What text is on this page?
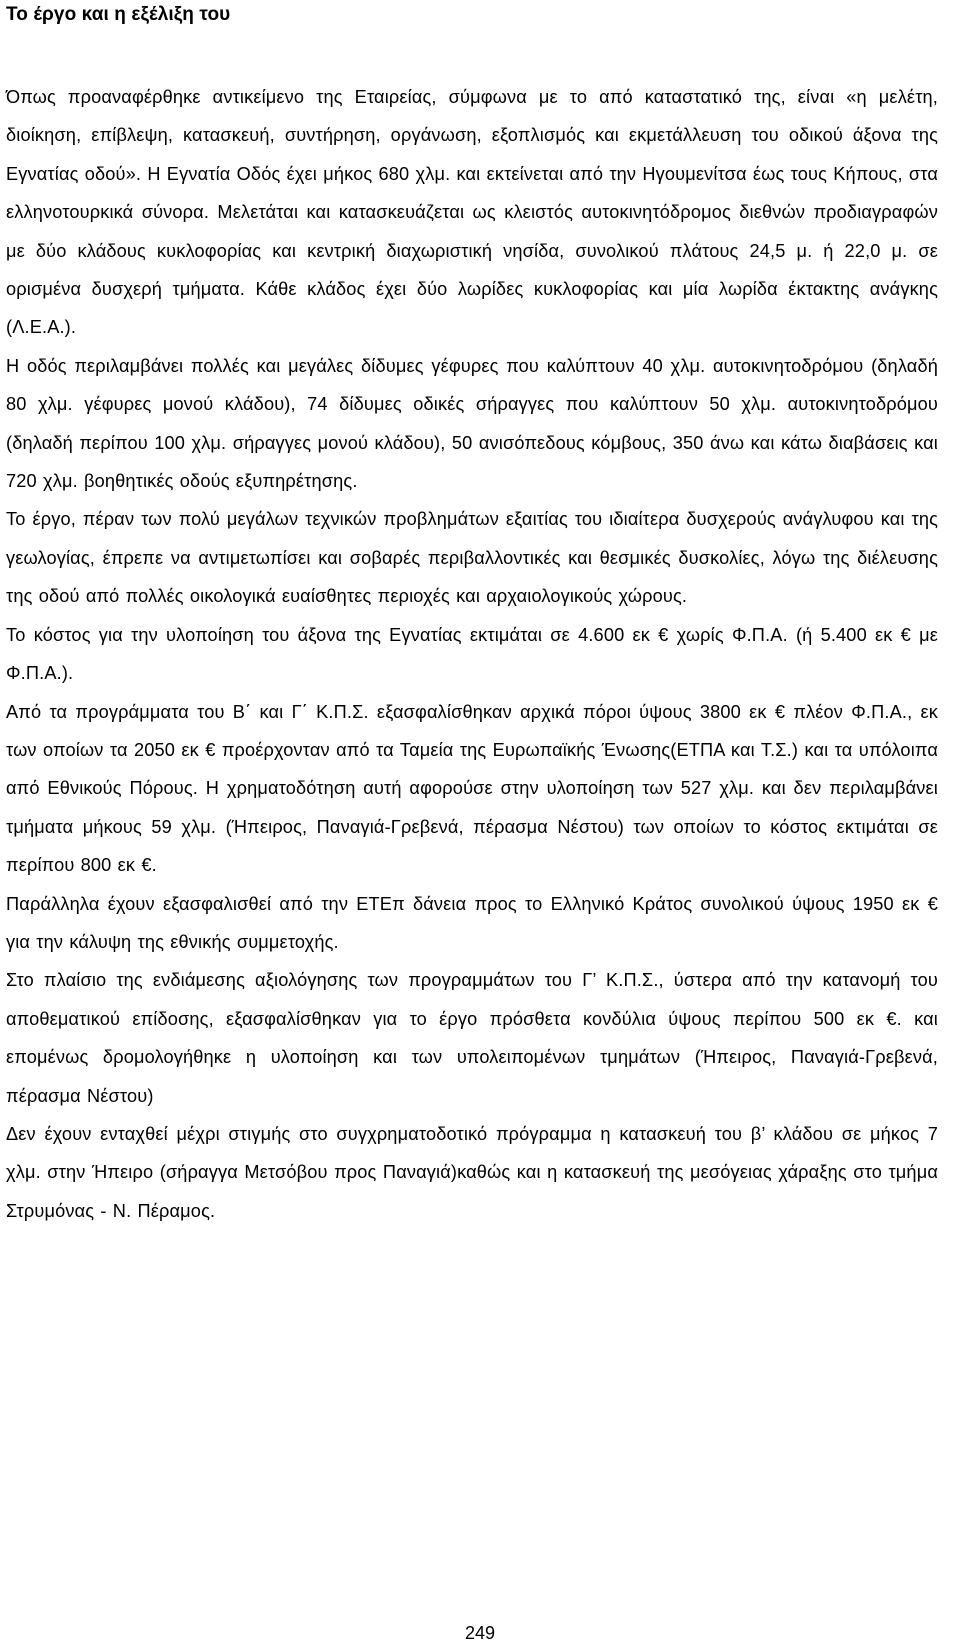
Το έργο και η εξέλιξη του

Όπως προαναφέρθηκε αντικείμενο της Εταιρείας, σύμφωνα με το από καταστατικό της, είναι «η μελέτη, διοίκηση, επίβλεψη, κατασκευή, συντήρηση, οργάνωση, εξοπλισμός και εκμετάλλευση του οδικού άξονα της Εγνατίας οδού». Η Εγνατία Οδός έχει μήκος 680 χλμ. και εκτείνεται από την Ηγουμενίτσα έως τους Κήπους, στα ελληνοτουρκικά σύνορα. Μελετάται και κατασκευάζεται ως κλειστός αυτοκινητόδρομος διεθνών προδιαγραφών με δύο κλάδους κυκλοφορίας και κεντρική διαχωριστική νησίδα, συνολικού πλάτους 24,5 μ. ή 22,0 μ. σε ορισμένα δυσχερή τμήματα. Κάθε κλάδος έχει δύο λωρίδες κυκλοφορίας και μία λωρίδα έκτακτης ανάγκης (Λ.Ε.Α.).

Η οδός περιλαμβάνει πολλές και μεγάλες δίδυμες γέφυρες που καλύπτουν 40 χλμ. αυτοκινητοδρόμου (δηλαδή 80 χλμ. γέφυρες μονού κλάδου), 74 δίδυμες οδικές σήραγγες που καλύπτουν 50 χλμ. αυτοκινητοδρόμου (δηλαδή περίπου 100 χλμ. σήραγγες μονού κλάδου), 50 ανισόπεδους κόμβους, 350 άνω και κάτω διαβάσεις και 720 χλμ. βοηθητικές οδούς εξυπηρέτησης.

Το έργο, πέραν των πολύ μεγάλων τεχνικών προβλημάτων εξαιτίας του ιδιαίτερα δυσχερούς ανάγλυφου και της γεωλογίας, έπρεπε να αντιμετωπίσει και σοβαρές περιβαλλοντικές και θεσμικές δυσκολίες, λόγω της διέλευσης της οδού από πολλές οικολογικά ευαίσθητες περιοχές και αρχαιολογικούς χώρους.

Το κόστος για την υλοποίηση του άξονα της Εγνατίας εκτιμάται σε 4.600 εκ € χωρίς Φ.Π.Α. (ή 5.400 εκ € με Φ.Π.Α.).

Από τα προγράμματα του Β΄ και Γ΄ Κ.Π.Σ. εξασφαλίσθηκαν αρχικά πόροι ύψους 3800 εκ € πλέον Φ.Π.Α., εκ των οποίων τα 2050 εκ € προέρχονταν από τα Ταμεία της Ευρωπαϊκής Ένωσης(ΕΤΠΑ και Τ.Σ.) και τα υπόλοιπα από Εθνικούς Πόρους. Η χρηματοδότηση αυτή αφορούσε στην υλοποίηση των 527 χλμ. και δεν περιλαμβάνει τμήματα μήκους 59 χλμ. (Ήπειρος, Παναγιά-Γρεβενά, πέρασμα Νέστου) των οποίων το κόστος εκτιμάται σε περίπου 800 εκ €.

Παράλληλα έχουν εξασφαλισθεί από την ΕΤΕπ δάνεια προς το Ελληνικό Κράτος συνολικού ύψους 1950 εκ € για την κάλυψη της εθνικής συμμετοχής.

Στο πλαίσιο της ενδιάμεσης αξιολόγησης των προγραμμάτων του Γ’ Κ.Π.Σ., ύστερα από την κατανομή του αποθεματικού επίδοσης, εξασφαλίσθηκαν για το έργο πρόσθετα κονδύλια ύψους περίπου 500 εκ €. και επομένως δρομολογήθηκε η υλοποίηση και των υπολειπομένων τμημάτων (Ήπειρος, Παναγιά-Γρεβενά, πέρασμα Νέστου)

Δεν έχουν ενταχθεί μέχρι στιγμής στο συγχρηματοδοτικό πρόγραμμα η κατασκευή του β’ κλάδου σε μήκος 7 χλμ. στην Ήπειρο (σήραγγα Μετσόβου προς Παναγιά)καθώς και η κατασκευή της μεσόγειας χάραξης στο τμήμα Στρυμόνας - Ν. Πέραμος.

249
